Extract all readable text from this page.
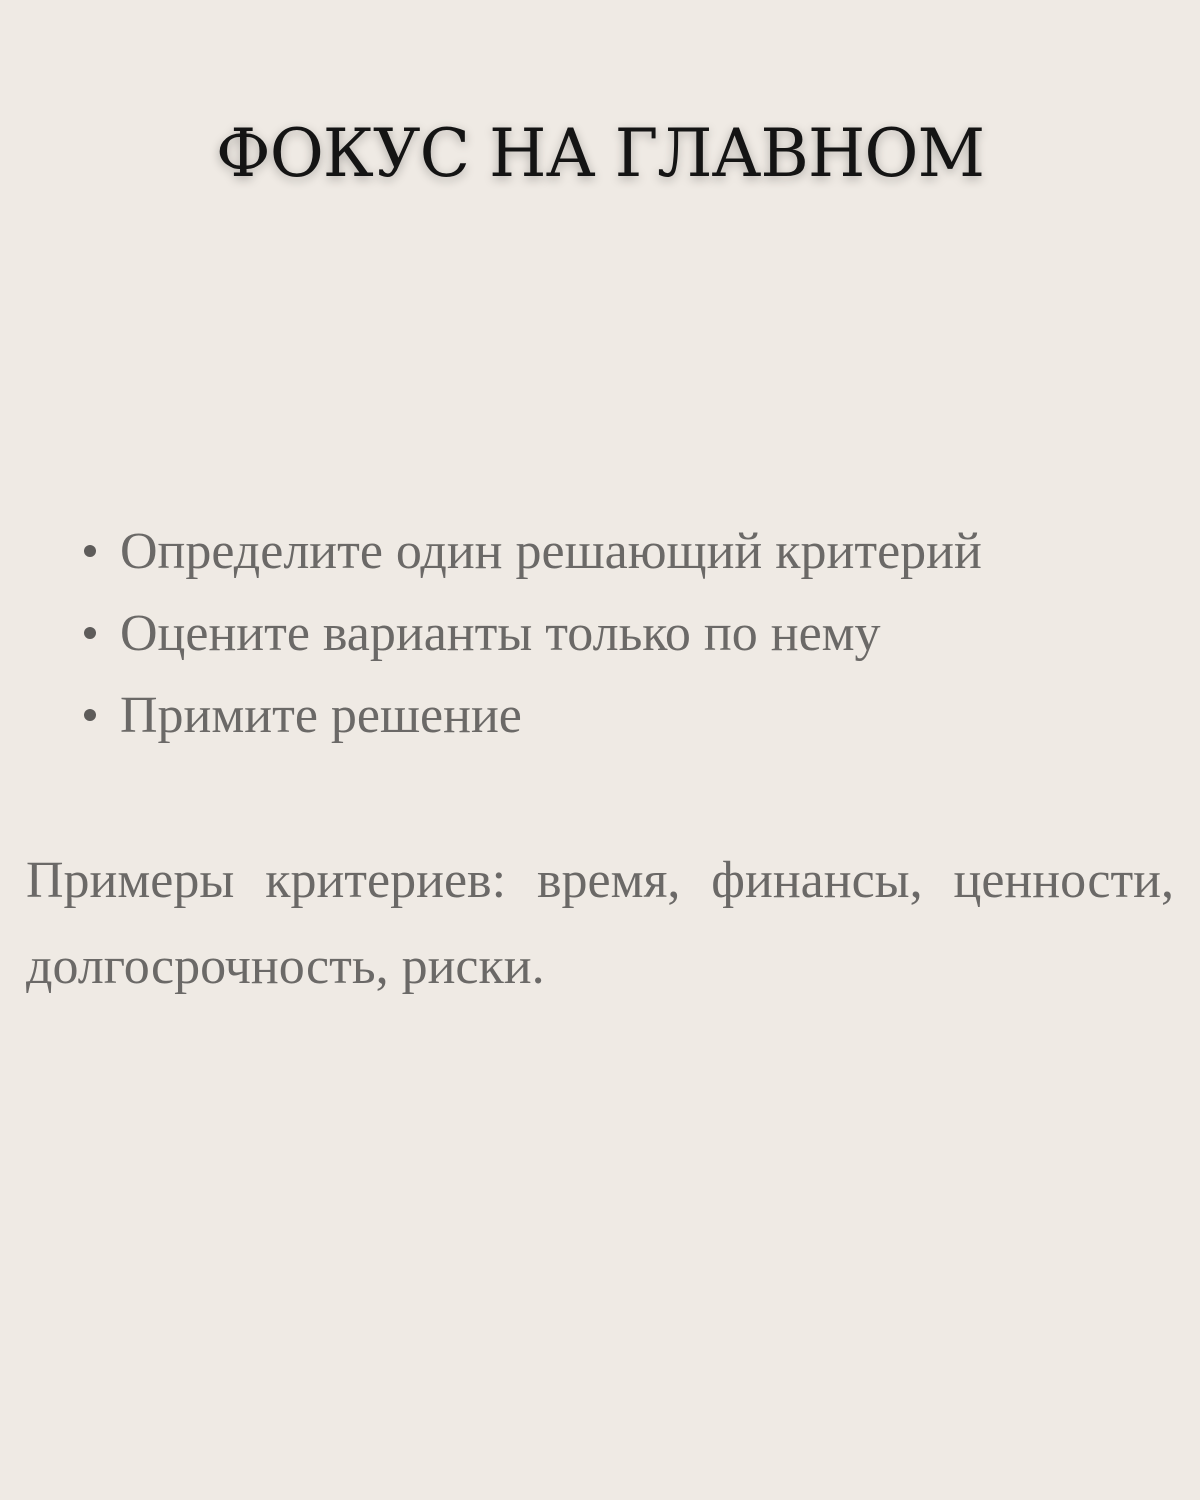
ФОКУС НА ГЛАВНОМ
Определите один решающий критерий
Оцените варианты только по нему
Примите решение

Примеры критериев: время, финансы, ценности, долгосрочность, риски.
